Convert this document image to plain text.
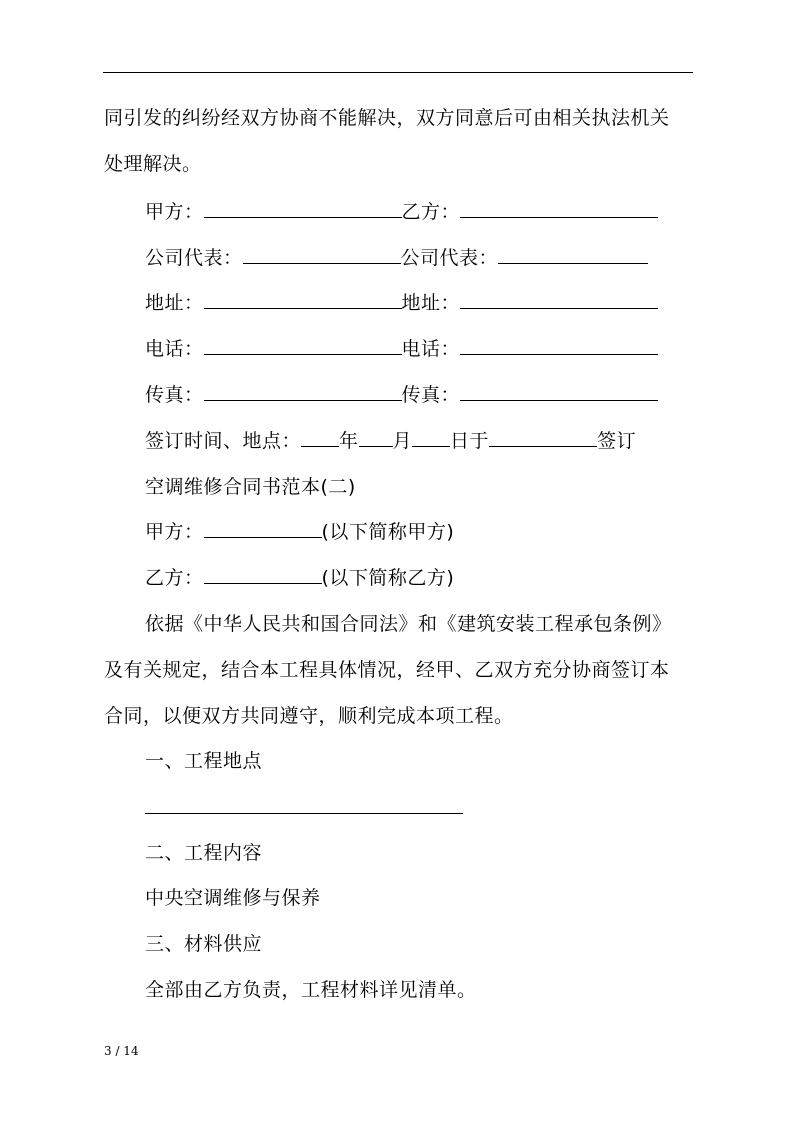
同引发的纠纷经双方协商不能解决，双方同意后可由相关执法机关
处理解决。
甲方：	乙方：
公司代表：	公司代表：
地址：	地址：
电话：	电话：
传真：	传真：
签订时间、地点： 年 月 日于	签订
空调维修合同书范本(二)
甲方：	(以下简称甲方)
乙方：	(以下简称乙方)
依据《中华人民共和国合同法》和《建筑安装工程承包条例》
及有关规定，结合本工程具体情况，经甲、乙双方充分协商签订本
合同，以便双方共同遵守，顺利完成本项工程。
一、工程地点
二、工程内容
中央空调维修与保养
三、材料供应
全部由乙方负责，工程材料详见清单。
3 / 14
